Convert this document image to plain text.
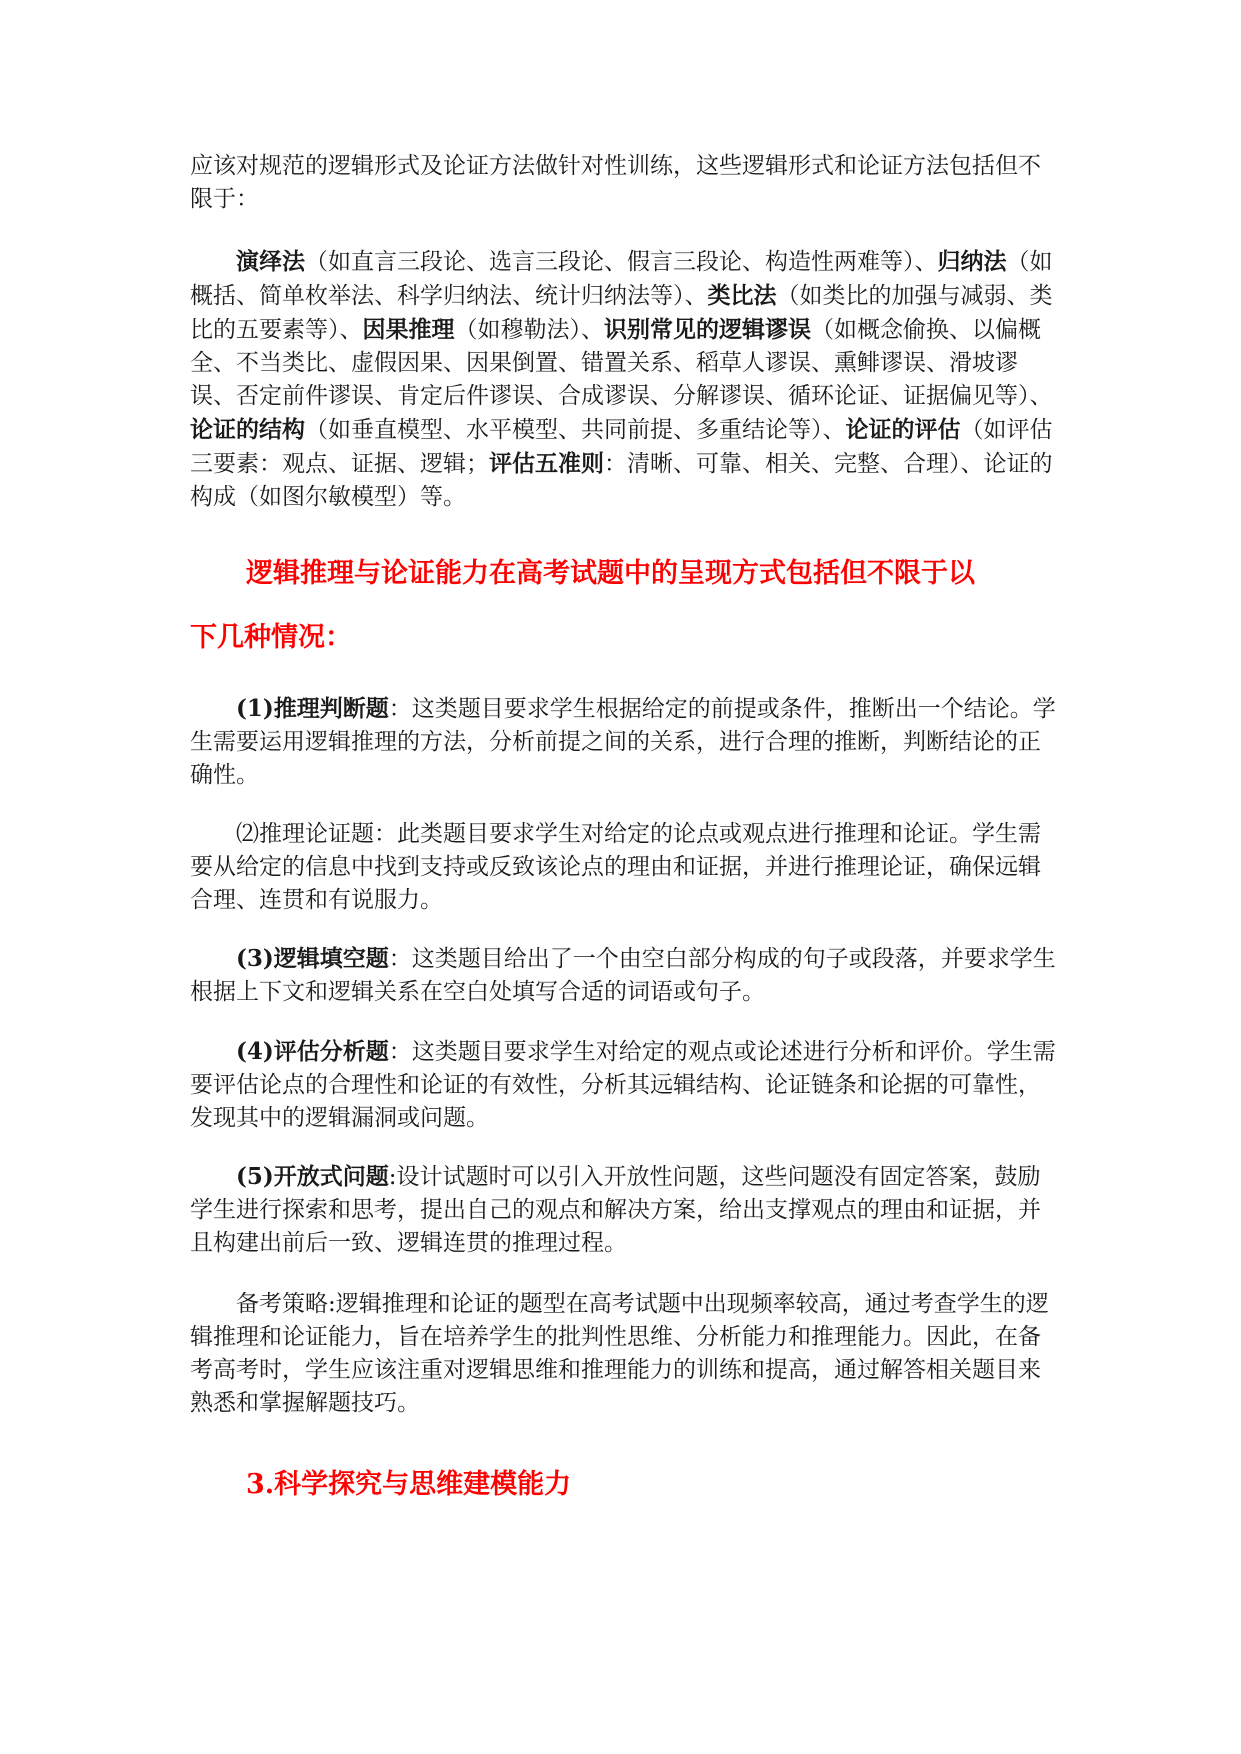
应该对规范的逻辑形式及论证方法做针对性训练，这些逻辑形式和论证方法包括但不限于：

演绎法（如直言三段论、选言三段论、假言三段论、构造性两难等）、归纳法（如概括、简单枚举法、科学归纳法、统计归纳法等）、类比法（如类比的加强与减弱、类比的五要素等）、因果推理（如穆勒法）、识别常见的逻辑谬误（如概念偷换、以偏概全、不当类比、虚假因果、因果倒置、错置关系、稻草人谬误、熏鲱谬误、滑坡谬误、否定前件谬误、肯定后件谬误、合成谬误、分解谬误、循环论证、证据偏见等）、论证的结构（如垂直模型、水平模型、共同前提、多重结论等）、论证的评估（如评估三要素：观点、证据、逻辑；评估五准则：清晰、可靠、相关、完整、合理）、论证的构成（如图尔敏模型）等。

逻辑推理与论证能力在高考试题中的呈现方式包括但不限于以

下几种情况：

(1)推理判断题：这类题目要求学生根据给定的前提或条件，推断出一个结论。学生需要运用逻辑推理的方法，分析前提之间的关系，进行合理的推断，判断结论的正确性。

⑵推理论证题：此类题目要求学生对给定的论点或观点进行推理和论证。学生需要从给定的信息中找到支持或反致该论点的理由和证据，并进行推理论证，确保远辑合理、连贯和有说服力。

(3)逻辑填空题：这类题目给出了一个由空白部分构成的句子或段落，并要求学生根据上下文和逻辑关系在空白处填写合适的词语或句子。

(4)评估分析题：这类题目要求学生对给定的观点或论述进行分析和评价。学生需要评估论点的合理性和论证的有效性，分析其远辑结构、论证链条和论据的可靠性，发现其中的逻辑漏洞或问题。

(5)开放式问题:设计试题时可以引入开放性问题，这些问题没有固定答案，鼓励学生进行探索和思考，提出自己的观点和解决方案，给出支撑观点的理由和证据，并且构建出前后一致、逻辑连贯的推理过程。

备考策略:逻辑推理和论证的题型在高考试题中出现频率较高，通过考查学生的逻辑推理和论证能力，旨在培养学生的批判性思维、分析能力和推理能力。因此，在备考高考时，学生应该注重对逻辑思维和推理能力的训练和提高，通过解答相关题目来熟悉和掌握解题技巧。

3.科学探究与思维建模能力
